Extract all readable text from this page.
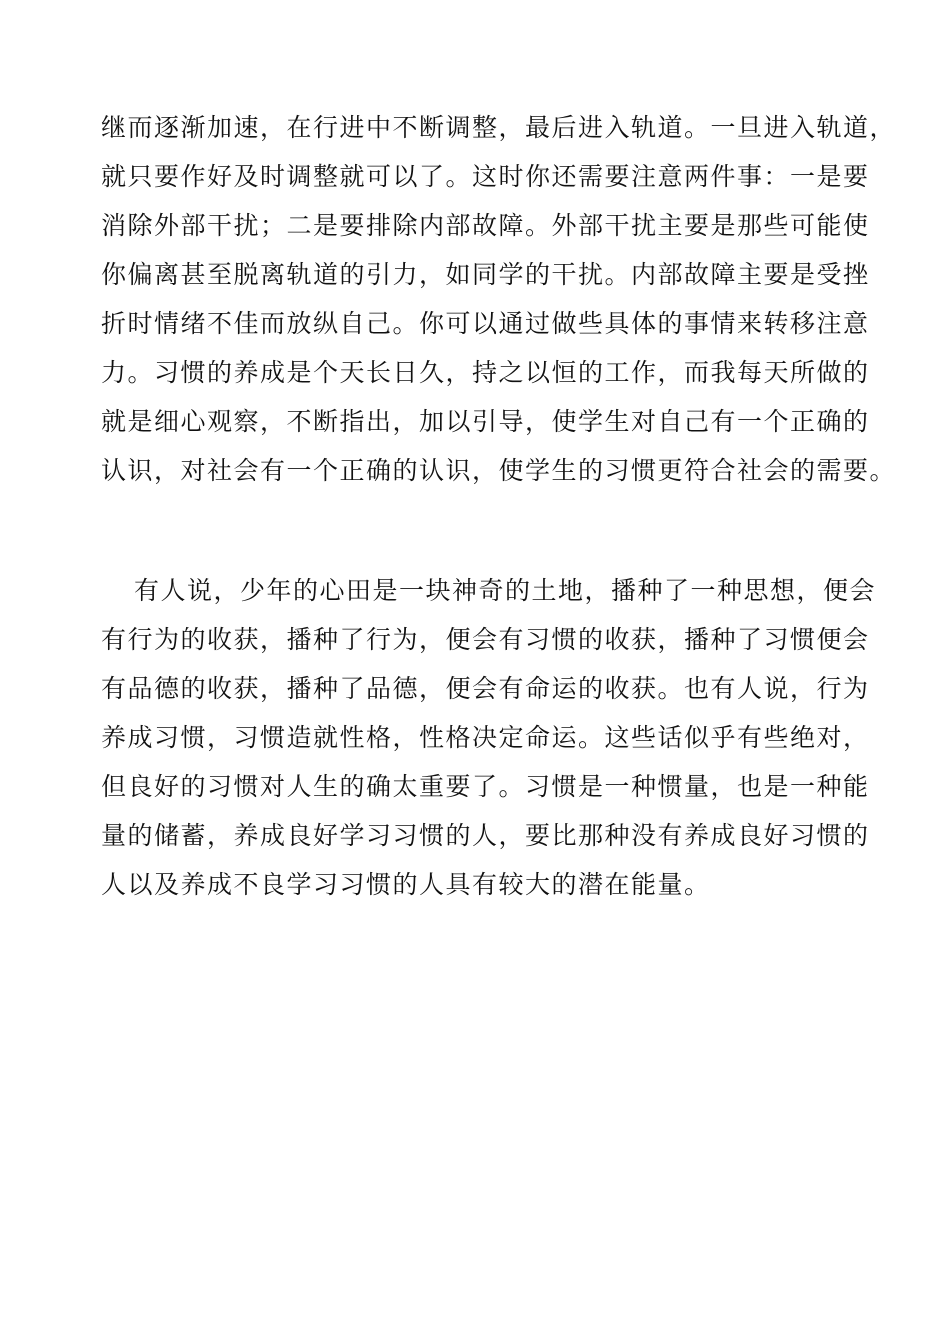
继而逐渐加速，在行进中不断调整，最后进入轨道。一旦进入轨道，
就只要作好及时调整就可以了。这时你还需要注意两件事：一是要
消除外部干扰；二是要排除内部故障。外部干扰主要是那些可能使
你偏离甚至脱离轨道的引力，如同学的干扰。内部故障主要是受挫
折时情绪不佳而放纵自己。你可以通过做些具体的事情来转移注意
力。习惯的养成是个天长日久，持之以恒的工作，而我每天所做的
就是细心观察，不断指出，加以引导，使学生对自己有一个正确的
认识，对社会有一个正确的认识，使学生的习惯更符合社会的需要。
有人说，少年的心田是一块神奇的土地，播种了一种思想，便会
有行为的收获，播种了行为，便会有习惯的收获，播种了习惯便会
有品德的收获，播种了品德，便会有命运的收获。也有人说，行为
养成习惯，习惯造就性格，性格决定命运。这些话似乎有些绝对，
但良好的习惯对人生的确太重要了。习惯是一种惯量，也是一种能
量的储蓄，养成良好学习习惯的人，要比那种没有养成良好习惯的
人以及养成不良学习习惯的人具有较大的潜在能量。
